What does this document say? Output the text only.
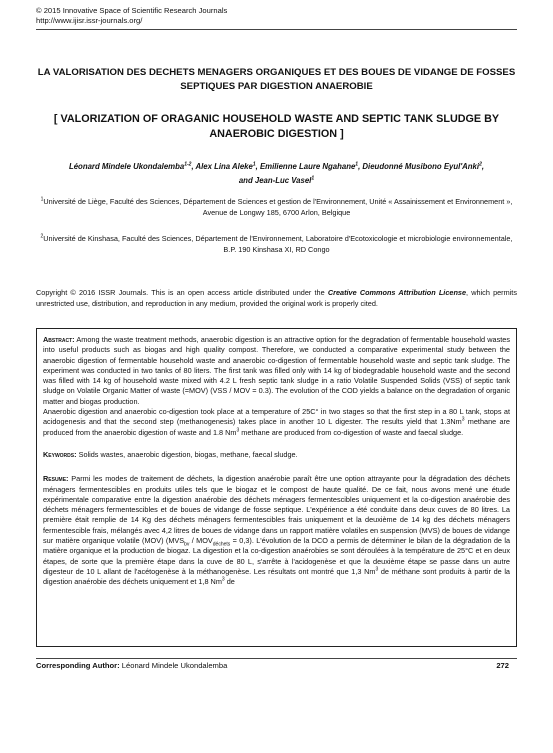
© 2015 Innovative Space of Scientific Research Journals
http://www.ijisr.issr-journals.org/
LA VALORISATION DES DECHETS MENAGERS ORGANIQUES ET DES BOUES DE VIDANGE DE FOSSES SEPTIQUES PAR DIGESTION ANAEROBIE
[ VALORIZATION OF ORAGANIC HOUSEHOLD WASTE AND SEPTIC TANK SLUDGE BY ANAEROBIC DIGESTION ]
Léonard Mindele Ukondalemba$^{1-2}$, Alex Lina Aleke$^1$, Emilienne Laure Ngahane$^1$, Dieudonné Musibono Eyul'Anki$^2$,
and Jean-Luc Vasel$^1$
$^1$Université de Liège, Faculté des Sciences, Département de Sciences et gestion de l'Environnement, Unité « Assainissement et Environnement », Avenue de Longwy 185, 6700 Arlon, Belgique
$^2$Université de Kinshasa, Faculté des Sciences, Département de l'Environnement, Laboratoire d'Ecotoxicologie et microbiologie environnementale, B.P. 190 Kinshasa XI, RD Congo
Copyright © 2016 ISSR Journals. This is an open access article distributed under the Creative Commons Attribution License, which permits unrestricted use, distribution, and reproduction in any medium, provided the original work is properly cited.

Abstract: Among the waste treatment methods, anaerobic digestion is an attractive option for the degradation of fermentable household wastes into useful products such as biogas and high quality compost. Therefore, we conducted a comparative experimental study between the anaerobic digestion of fermentable household waste and anaerobic co-digestion of fermentable household waste and septic tank sludge. The experiment was conducted in two tanks of 80 liters. The first tank was filled only with 14 kg of biodegradable household waste and the second was filled with 14 kg of household waste mixed with 4.2 L fresh septic tank sludge in a ratio Volatile Suspended Solids (VSS) of septic tank sludge on Volatile Organic Matter of waste (=MOV) (VSS / MOV = 0.3). The evolution of the COD yields a balance on the degradation of organic matter and biogas production.

Anaerobic digestion and anaerobic co-digestion took place at a temperature of 25C° in two stages so that the first step in a 80 L tank, stops at acidogenesis and that the second step (methanogenesis) takes place in another 10 L digester. The results yield that 1.3Nm$^3$ methane are produced from the anaerobic digestion of waste and 1.8 Nm$^3$ methane are produced from co-digestion of waste and faecal sludge.

Keywords: Solids wastes, anaerobic digestion, biogas, methane, faecal sludge.

Resume: Parmi les modes de traitement de déchets, la digestion anaérobie paraît être une option attrayante pour la dégradation des déchets ménagers fermentescibles en produits utiles tels que le biogaz et le compost de haute qualité. De ce fait, nous avons mené une étude expérimentale comparative entre la digestion anaérobie des déchets ménagers fermentescibles uniquement et la co-digestion anaérobie des déchets ménagers fermentescibles et de boues de vidange de fosse septique. L'expérience a été conduite dans deux cuves de 80 litres. La première était remplie de 14 Kg des déchets ménagers fermentescibles frais uniquement et la deuxième de 14 kg des déchets ménagers fermentescible frais, mélangés avec 4,2 litres de boues de vidange dans un rapport matière volatiles en suspension (MVS) de boues de vidange sur matière organique volatile (MOV) $(MVS_{bv} / MOV_{déchets} = 0,3)$. L'évolution de la DCO a permis de déterminer le bilan de la dégradation de la matière organique et la production de biogaz. La digestion et la co-digestion anaérobies se sont déroulées à la température de 25°C et en deux étapes, de sorte que la première étape dans la cuve de 80 L, s'arrête à l'acidogenèse et que la deuxième étape se passe dans un autre digesteur de 10 L allant de l'acétogenèse à la méthanogenèse. Les résultats ont montré que 1,3 Nm$^3$ de méthane sont produits à partir de la digestion anaérobie des déchets uniquement et 1,8 Nm$^3$ de

Corresponding Author: Léonard Mindele Ukondalemba	272
